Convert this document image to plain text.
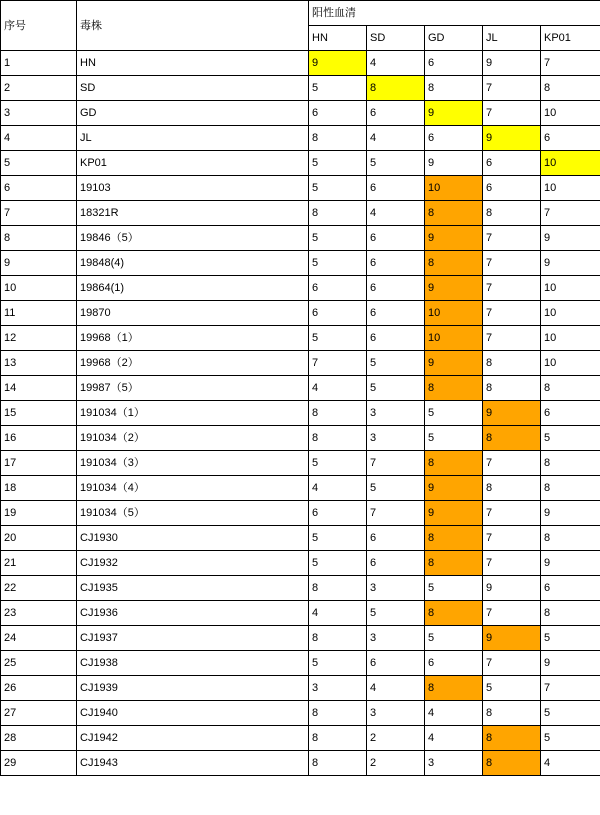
序号	毒株	阳性血清				
		HN	SD	GD	JL	KP01
1	HN	9	4	6	9	7
2	SD	5	8	8	7	8
3	GD	6	6	9	7	10
4	JL	8	4	6	9	6
5	KP01	5	5	9	6	10
6	19103	5	6	10	6	10
7	18321R	8	4	8	8	7
8	19846（5）	5	6	9	7	9
9	19848(4)	5	6	8	7	9
10	19864(1)	6	6	9	7	10
11	19870	6	6	10	7	10
12	19968（1）	5	6	10	7	10
13	19968（2）	7	5	9	8	10
14	19987（5）	4	5	8	8	8
15	191034（1）	8	3	5	9	6
16	191034（2）	8	3	5	8	5
17	191034（3）	5	7	8	7	8
18	191034（4）	4	5	9	8	8
19	191034（5）	6	7	9	7	9
20	CJ1930	5	6	8	7	8
21	CJ1932	5	6	8	7	9
22	CJ1935	8	3	5	9	6
23	CJ1936	4	5	8	7	8
24	CJ1937	8	3	5	9	5
25	CJ1938	5	6	6	7	9
26	CJ1939	3	4	8	5	7
27	CJ1940	8	3	4	8	5
28	CJ1942	8	2	4	8	5
29	CJ1943	8	2	3	8	4
